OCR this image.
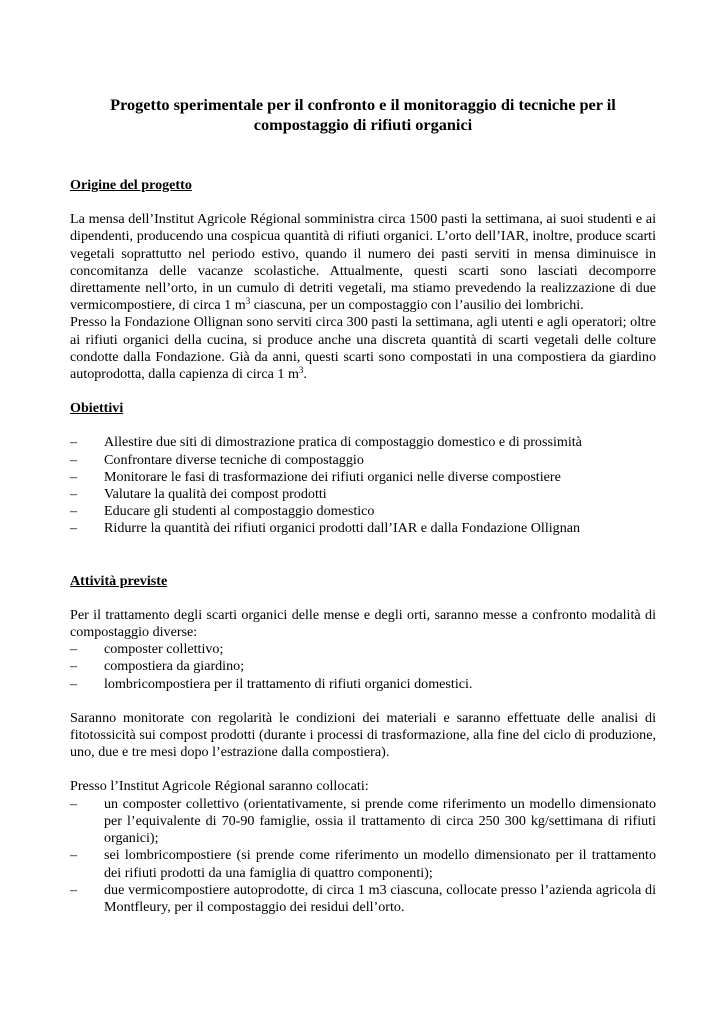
Progetto sperimentale per il confronto e il monitoraggio di tecniche per il compostaggio di rifiuti organici
Origine del progetto

La mensa dell’Institut Agricole Régional somministra circa 1500 pasti la settimana, ai suoi studenti e ai dipendenti, producendo una cospicua quantità di rifiuti organici. L’orto dell’IAR, inoltre, produce scarti vegetali soprattutto nel periodo estivo, quando il numero dei pasti serviti in mensa diminuisce in concomitanza delle vacanze scolastiche. Attualmente, questi scarti sono lasciati decomporre direttamente nell’orto, in un cumulo di detriti vegetali, ma stiamo prevedendo la realizzazione di due vermicompostiere, di circa 1 $m^3$ ciascuna, per un compostaggio con l’ausilio dei lombrichi.

Presso la Fondazione Ollignan sono serviti circa 300 pasti la settimana, agli utenti e agli operatori; oltre ai rifiuti organici della cucina, si produce anche una discreta quantità di scarti vegetali delle colture condotte dalla Fondazione. Già da anni, questi scarti sono compostati in una compostiera da giardino autoprodotta, dalla capienza di circa 1 $m^3$.

Obiettivi
– Allestire due siti di dimostrazione pratica di compostaggio domestico e di prossimità
– Confrontare diverse tecniche di compostaggio
– Monitorare le fasi di trasformazione dei rifiuti organici nelle diverse compostiere
– Valutare la qualità dei compost prodotti
– Educare gli studenti al compostaggio domestico
– Ridurre la quantità dei rifiuti organici prodotti dall’IAR e dalla Fondazione Ollignan
Attività previste

Per il trattamento degli scarti organici delle mense e degli orti, saranno messe a confronto modalità di compostaggio diverse:

– composter collettivo;
– compostiera da giardino;
– lombricompostiera per il trattamento di rifiuti organici domestici.

Saranno monitorate con regolarità le condizioni dei materiali e saranno effettuate delle analisi di fitotossicità sui compost prodotti (durante i processi di trasformazione, alla fine del ciclo di produzione, uno, due e tre mesi dopo l’estrazione dalla compostiera).

Presso l’Institut Agricole Régional saranno collocati:

– un composter collettivo (orientativamente, si prende come riferimento un modello dimensionato per l’equivalente di 70-90 famiglie, ossia il trattamento di circa 250 300 kg/settimana di rifiuti organici);
– sei lombricompostiere (si prende come riferimento un modello dimensionato per il trattamento dei rifiuti prodotti da una famiglia di quattro componenti);
– due vermicompostiere autoprodotte, di circa 1 m3 ciascuna, collocate presso l’azienda agricola di Montfleury, per il compostaggio dei residui dell’orto.
